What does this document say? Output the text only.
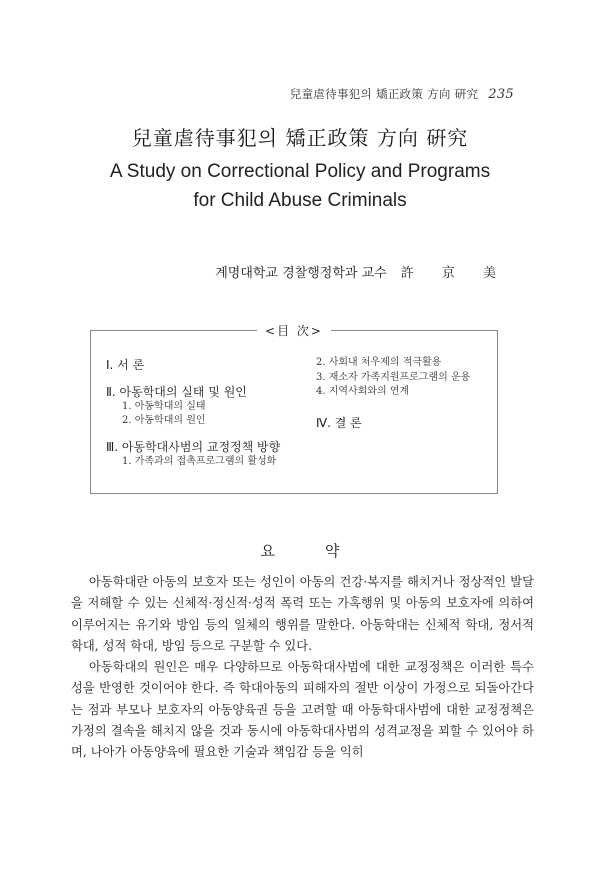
兒童虐待事犯의 矯正政策 方向 硏究 235
兒童虐待事犯의 矯正政策 方向 硏究
A Study on Correctional Policy and Programs for Child Abuse Criminals
계명대학교 경찰행정학과 교수 許 京 美
<目 次>
Ⅰ. 서 론
Ⅱ. 아동학대의 실태 및 원인
1. 아동학대의 실태
2. 아동학대의 원인
Ⅲ. 아동학대사범의 교정정책 방향
1. 가족과의 접촉프로그램의 활성화
2. 사회내 처우제의 적극활용
3. 재소자 가족지원프로그램의 운용
4. 지역사회와의 연계
Ⅳ. 결 론
요약

아동학대란 아동의 보호자 또는 성인이 아동의 건강·복지를 해치거나 정상적인 발달을 저해할 수 있는 신체적·정신적·성적 폭력 또는 가혹행위 및 아동의 보호자에 의하여 이루어지는 유기와 방임 등의 일체의 행위를 말한다. 아동학대는 신체적 학대, 정서적 학대, 성적 학대, 방임 등으로 구분할 수 있다.

아동학대의 원인은 매우 다양하므로 아동학대사범에 대한 교정정책은 이러한 특수성을 반영한 것이어야 한다. 즉 학대아동의 피해자의 절반 이상이 가정으로 되돌아간다는 점과 부모나 보호자의 아동양육권 등을 고려할 때 아동학대사범에 대한 교정정책은 가정의 결속을 해치지 않을 것과 동시에 아동학대사범의 성격교정을 꾀할 수 있어야 하며, 나아가 아동양육에 필요한 기술과 책임감 등을 익히
